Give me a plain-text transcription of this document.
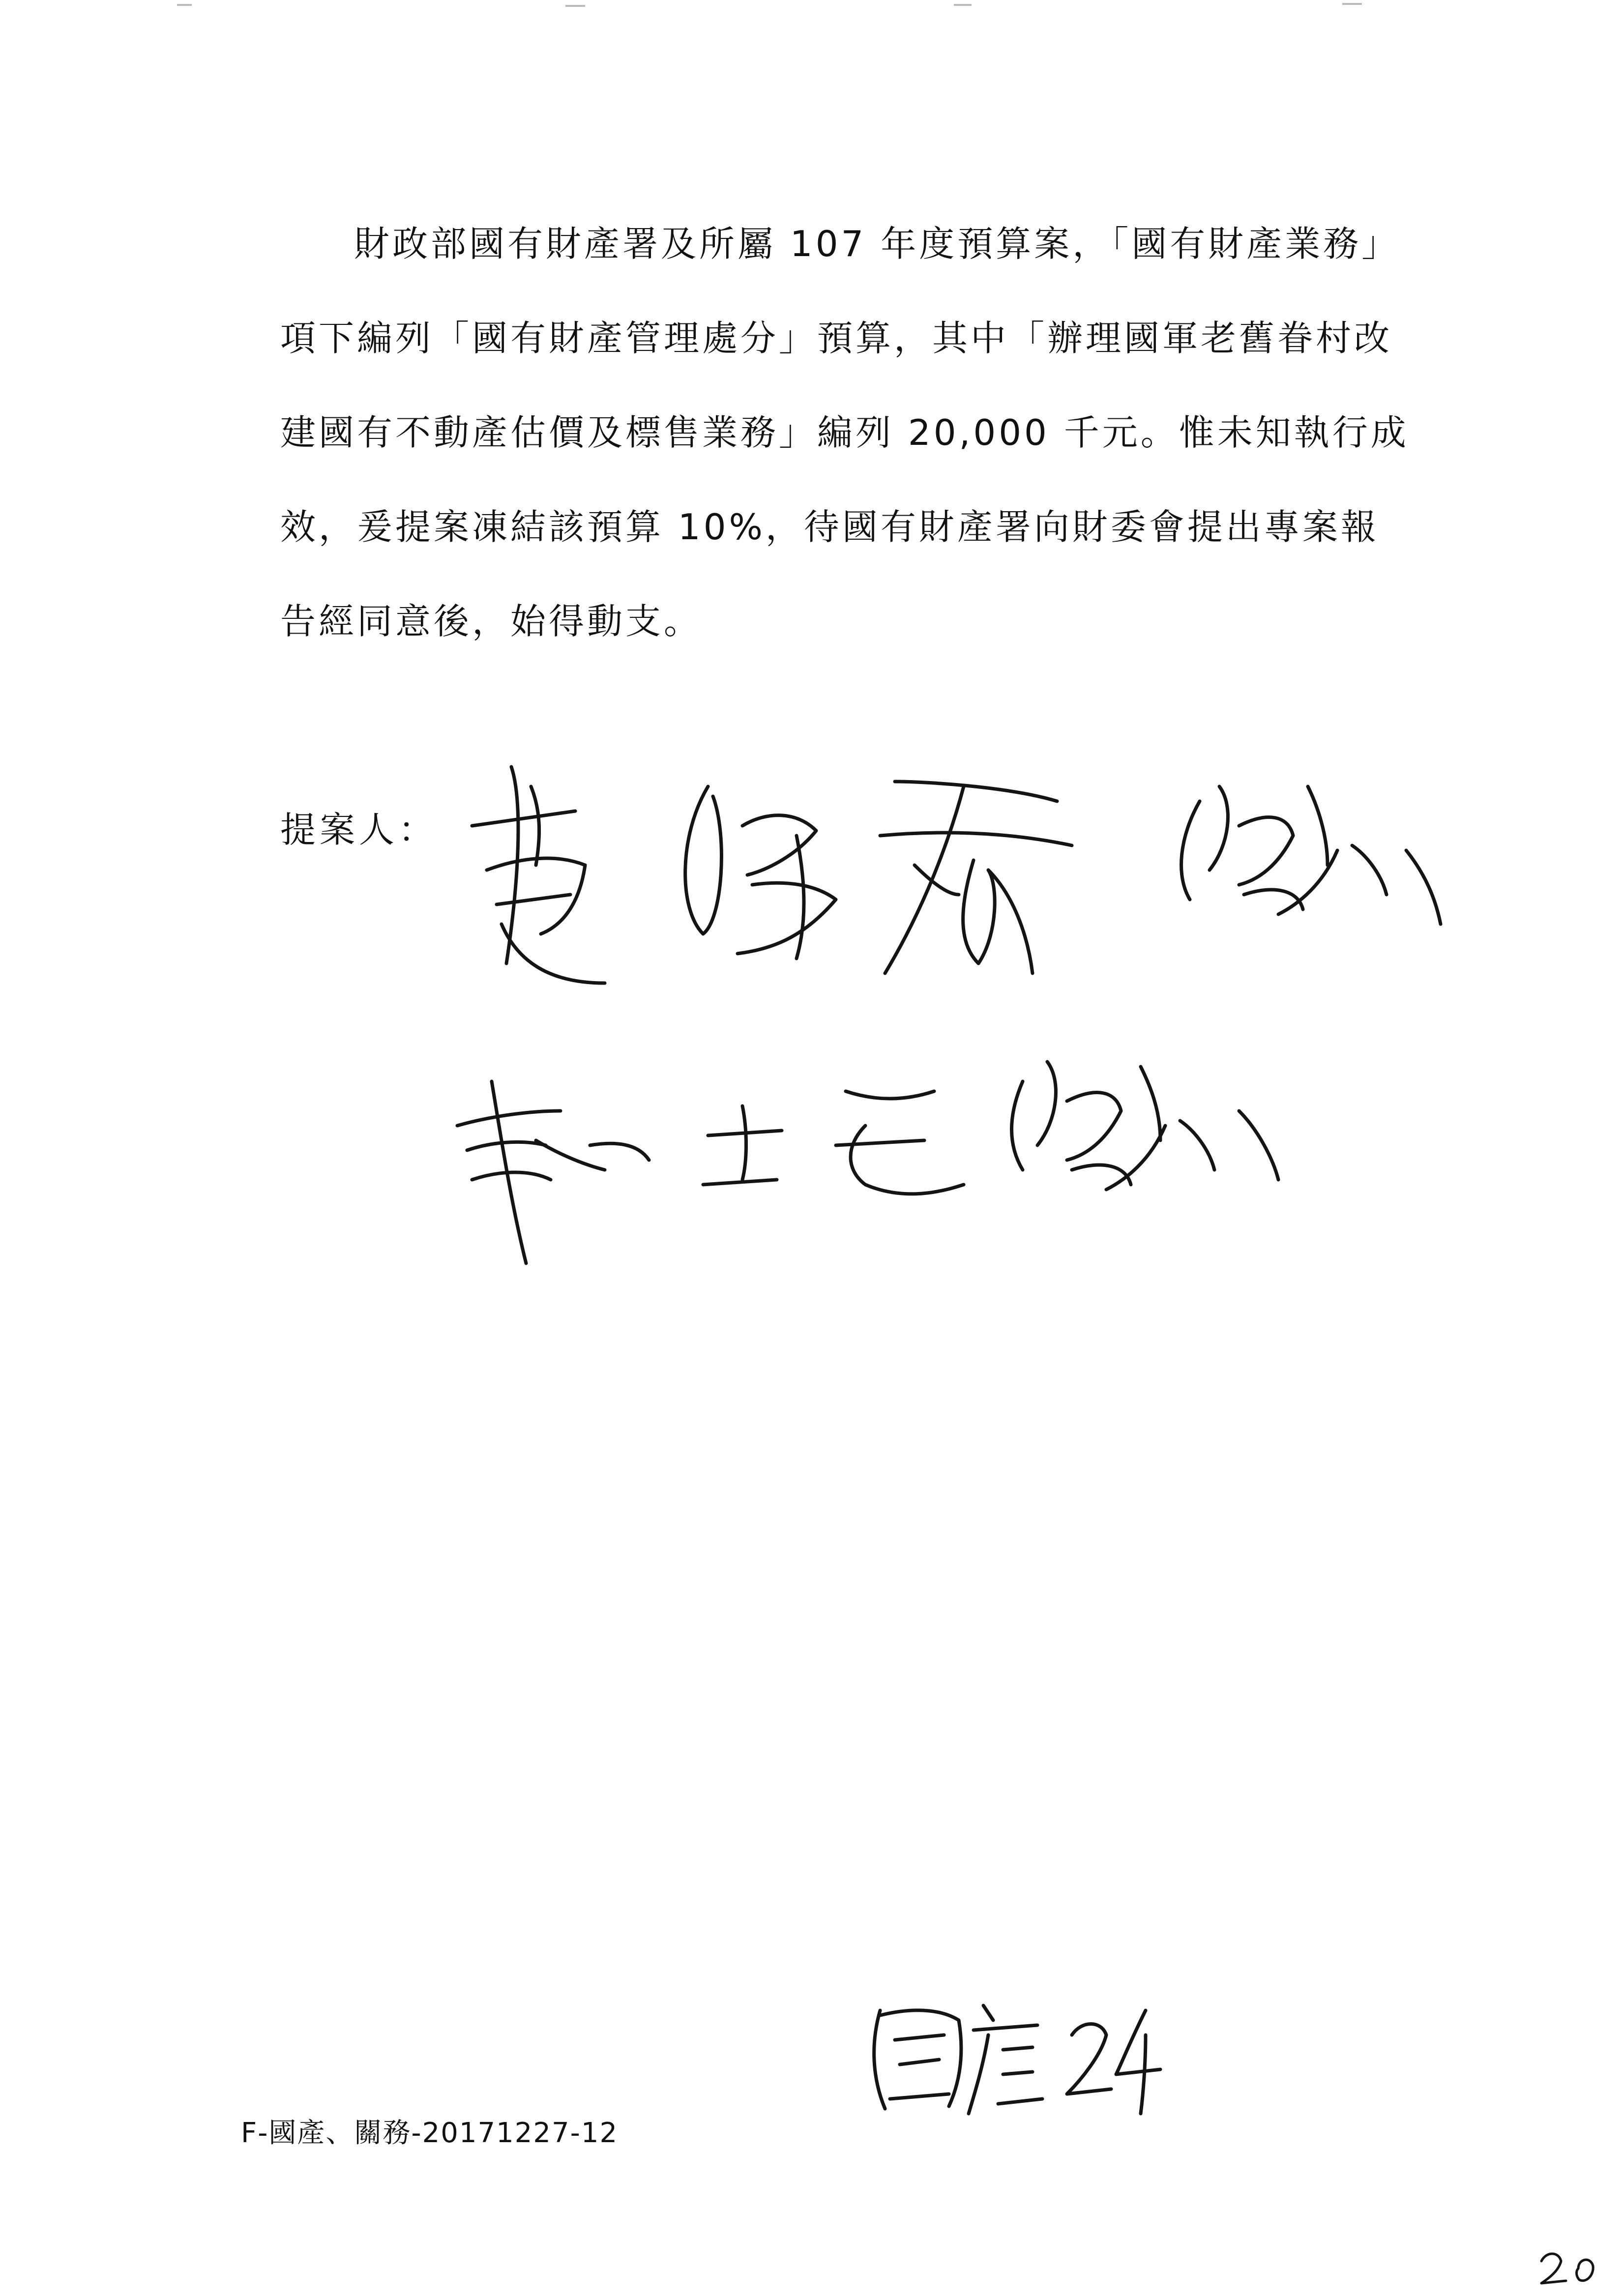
財政部國有財產署及所屬 107 年度預算案，「國有財產業務」項下編列「國有財產管理處分」預算，其中「辦理國軍老舊眷村改建國有不動產估價及標售業務」編列 20,000 千元。惟未知執行成效，爰提案凍結該預算 10%，待國有財產署向財委會提出專案報告經同意後，始得動支。

提案人：
F-國產、關務-20171227-12
